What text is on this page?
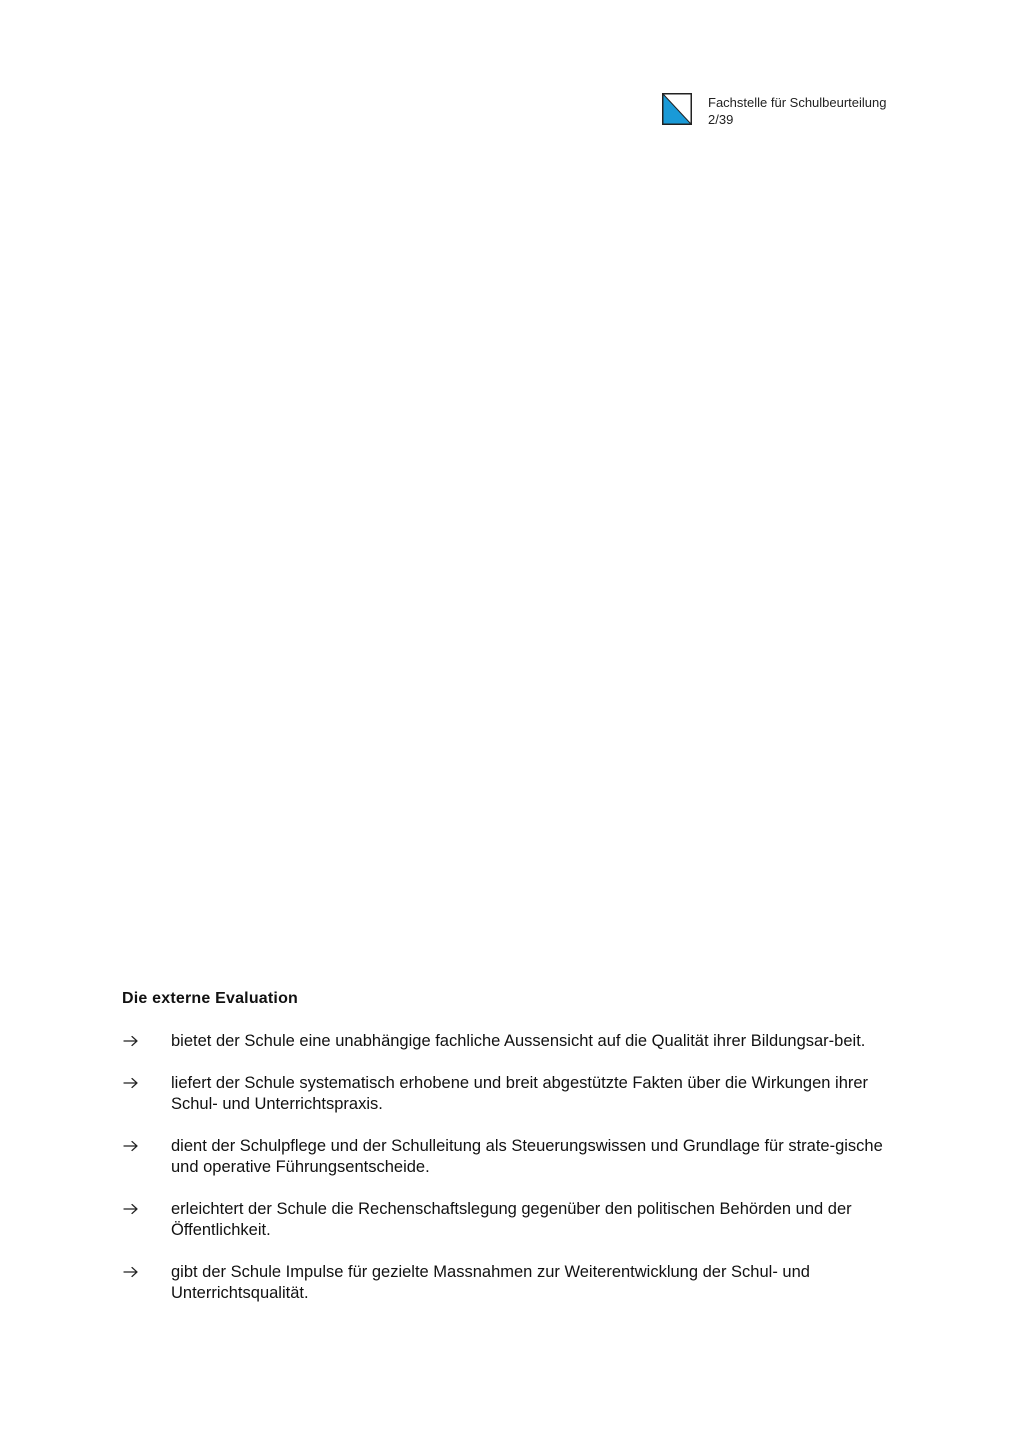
Fachstelle für Schulbeurteilung
2/39
Die externe Evaluation
bietet der Schule eine unabhängige fachliche Aussensicht auf die Qualität ihrer Bildungsar-beit.
liefert der Schule systematisch erhobene und breit abgestützte Fakten über die Wirkungen ihrer Schul- und Unterrichtspraxis.
dient der Schulpflege und der Schulleitung als Steuerungswissen und Grundlage für strate-gische und operative Führungsentscheide.
erleichtert der Schule die Rechenschaftslegung gegenüber den politischen Behörden und der Öffentlichkeit.
gibt der Schule Impulse für gezielte Massnahmen zur Weiterentwicklung der Schul- und Unterrichtsqualität.
